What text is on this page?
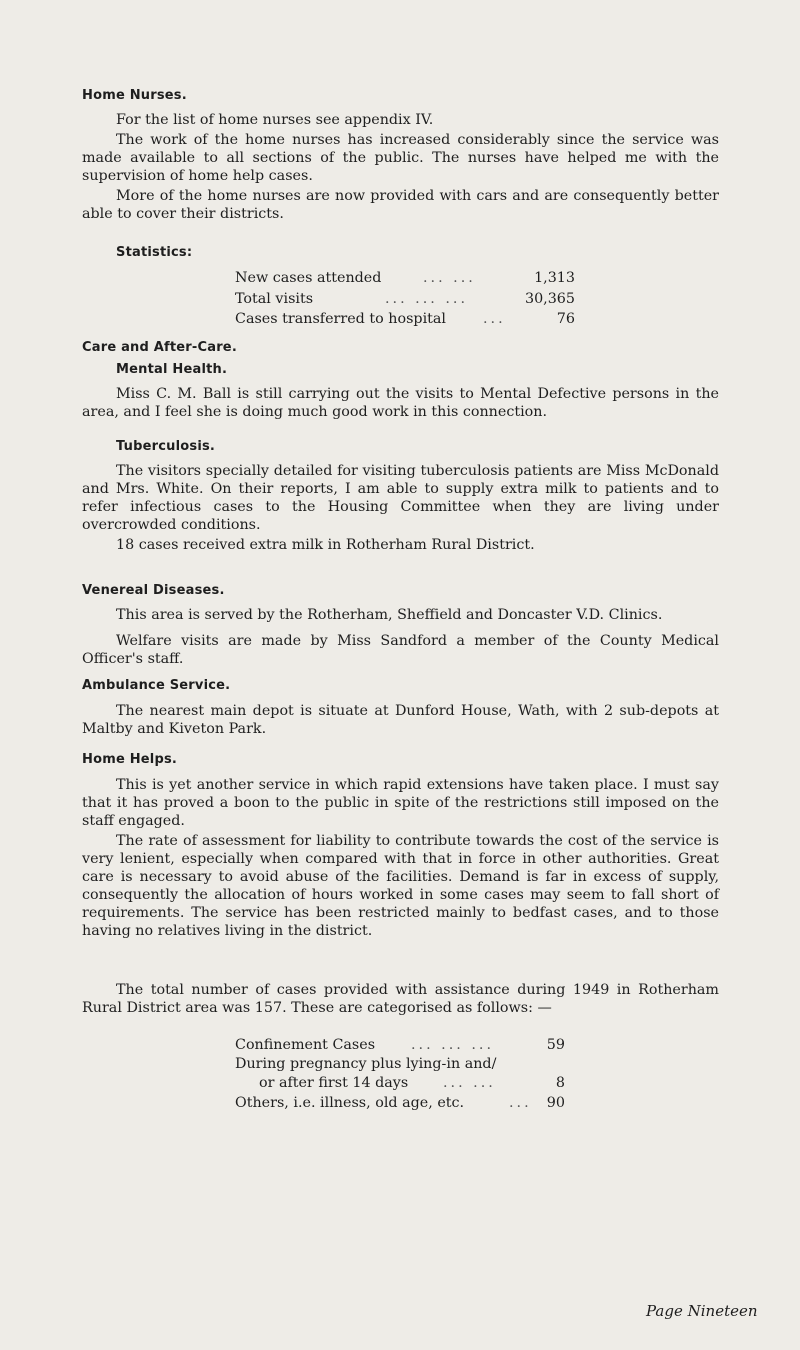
Home Nurses.
For the list of home nurses see appendix IV.
The work of the home nurses has increased considerably since the service was made available to all sections of the public. The nurses have helped me with the supervision of home help cases.
More of the home nurses are now provided with cars and are consequently better able to cover their districts.
Statistics:
New cases attended	... ...	1,313
Total visits	... ... ...	30,365
Cases transferred to hospital	...	76
Care and After-Care.
Mental Health.
Miss C. M. Ball is still carrying out the visits to Mental Defective persons in the area, and I feel she is doing much good work in this connection.
Tuberculosis.
The visitors specially detailed for visiting tuberculosis patients are Miss McDonald and Mrs. White. On their reports, I am able to supply extra milk to patients and to refer infectious cases to the Housing Committee when they are living under overcrowded conditions.
18 cases received extra milk in Rotherham Rural District.
Venereal Diseases.
This area is served by the Rotherham, Sheffield and Doncaster V.D. Clinics.
Welfare visits are made by Miss Sandford a member of the County Medical Officer's staff.
Ambulance Service.
The nearest main depot is situate at Dunford House, Wath, with 2 sub-depots at Maltby and Kiveton Park.
Home Helps.
This is yet another service in which rapid extensions have taken place. I must say that it has proved a boon to the public in spite of the restrictions still imposed on the staff engaged.
The rate of assessment for liability to contribute towards the cost of the service is very lenient, especially when compared with that in force in other authorities. Great care is necessary to avoid abuse of the facilities. Demand is far in excess of supply, consequently the allocation of hours worked in some cases may seem to fall short of requirements. The service has been restricted mainly to bedfast cases, and to those having no relatives living in the district.
The total number of cases provided with assistance during 1949 in Rotherham Rural District area was 157. These are categorised as follows: —
Confinement Cases	... ... ...	59
During pregnancy plus lying-in and/
or after first 14 days ... ...	8
Others, i.e. illness, old age, etc.	... 90
Page Nineteen
